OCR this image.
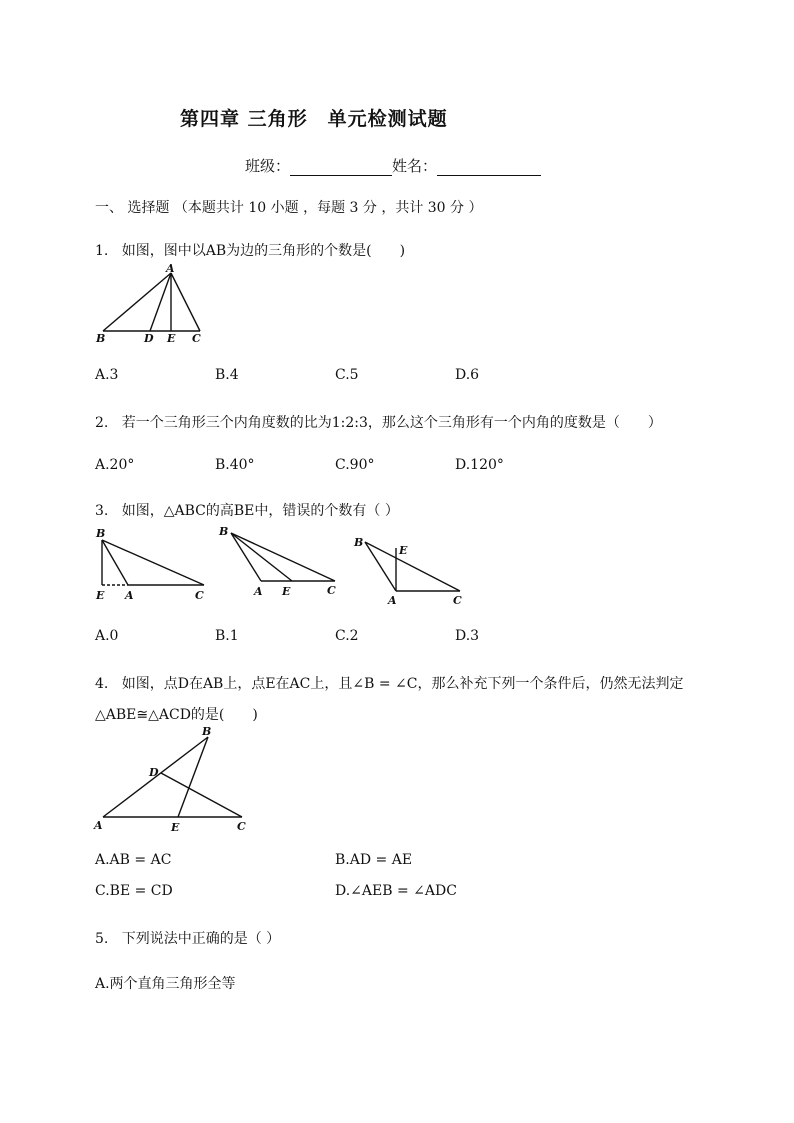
第四章 三角形　单元检测试题
班级：	姓名：
一、 选择题 （本题共计 10 小题 ，每题 3 分 ，共计 30 分 ）
1. 如图，图中以AB为边的三角形的个数是(　　)
A
B	D E C
A.3	B.4	C.5	D.6
2. 若一个三角形三个内角度数的比为1:2:3，那么这个三角形有一个内角的度数是（　　）
A.20°	B.40°	C.90°	D.120°
3. 如图，△ABC的高BE中，错误的个数有（ ）
B
E A	C
B
A E	C
B
E
A	C
A.0	B.1	C.2	D.3
4. 如图，点D在AB上，点E在AC上，且∠B = ∠C，那么补充下列一个条件后，仍然无法判定
△ABE≅△ACD的是(　　)
B
D
A	E	C
A.AB = AC	B.AD = AE
C.BE = CD	D.∠AEB = ∠ADC
5. 下列说法中正确的是（ ）
A.两个直角三角形全等
